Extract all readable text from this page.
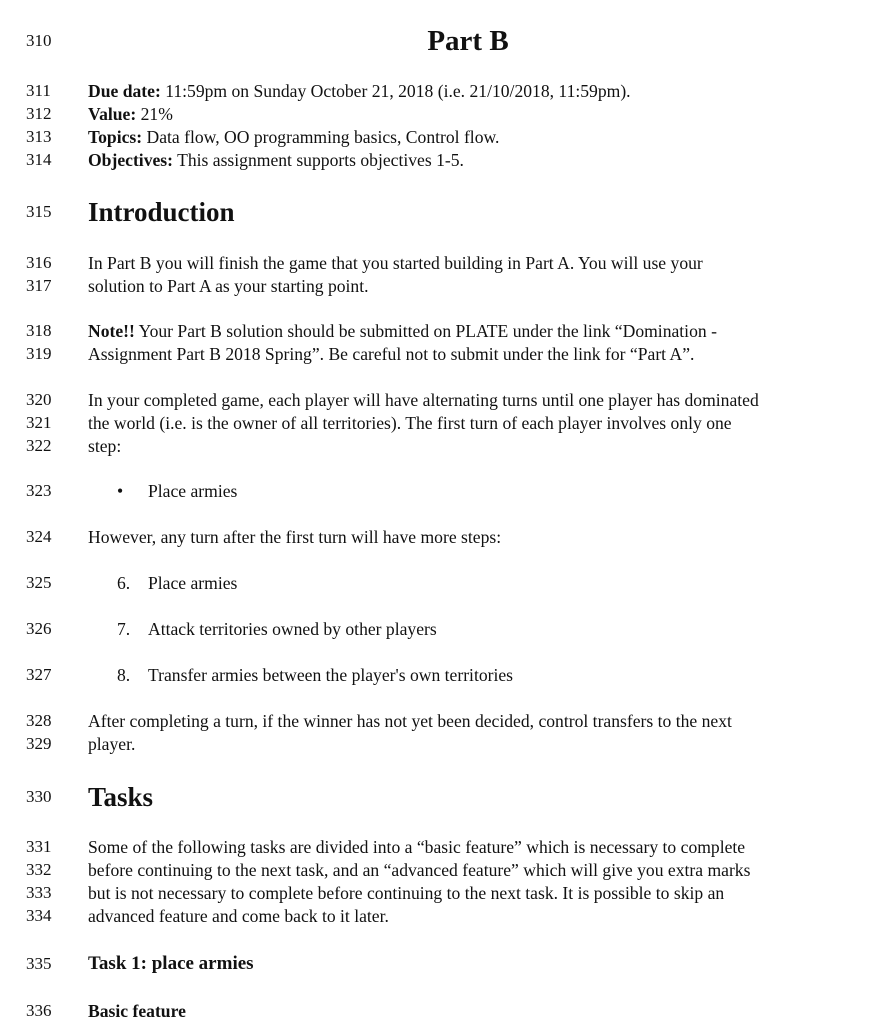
310	Part B
311	Due date: 11:59pm on Sunday October 21, 2018 (i.e. 21/10/2018, 11:59pm).
312	Value: 21%
313	Topics: Data flow, OO programming basics, Control flow.
314	Objectives: This assignment supports objectives 1-5.
315	Introduction
316	In Part B you will finish the game that you started building in Part A. You will use your
317	solution to Part A as your starting point.
318	Note!! Your Part B solution should be submitted on PLATE under the link “Domination -
319	Assignment Part B 2018 Spring”. Be careful not to submit under the link for “Part A”.
320	In your completed game, each player will have alternating turns until one player has dominated
321	the world (i.e. is the owner of all territories). The first turn of each player involves only one
322	step:
323	• Place armies
324	However, any turn after the first turn will have more steps:
325	6. Place armies
326	7. Attack territories owned by other players
327	8. Transfer armies between the player's own territories
328	After completing a turn, if the winner has not yet been decided, control transfers to the next
329	player.
330	Tasks
331	Some of the following tasks are divided into a “basic feature” which is necessary to complete
332	before continuing to the next task, and an “advanced feature” which will give you extra marks
333	but is not necessary to complete before continuing to the next task. It is possible to skip an
334	advanced feature and come back to it later.
335	Task 1: place armies
336	Basic feature
